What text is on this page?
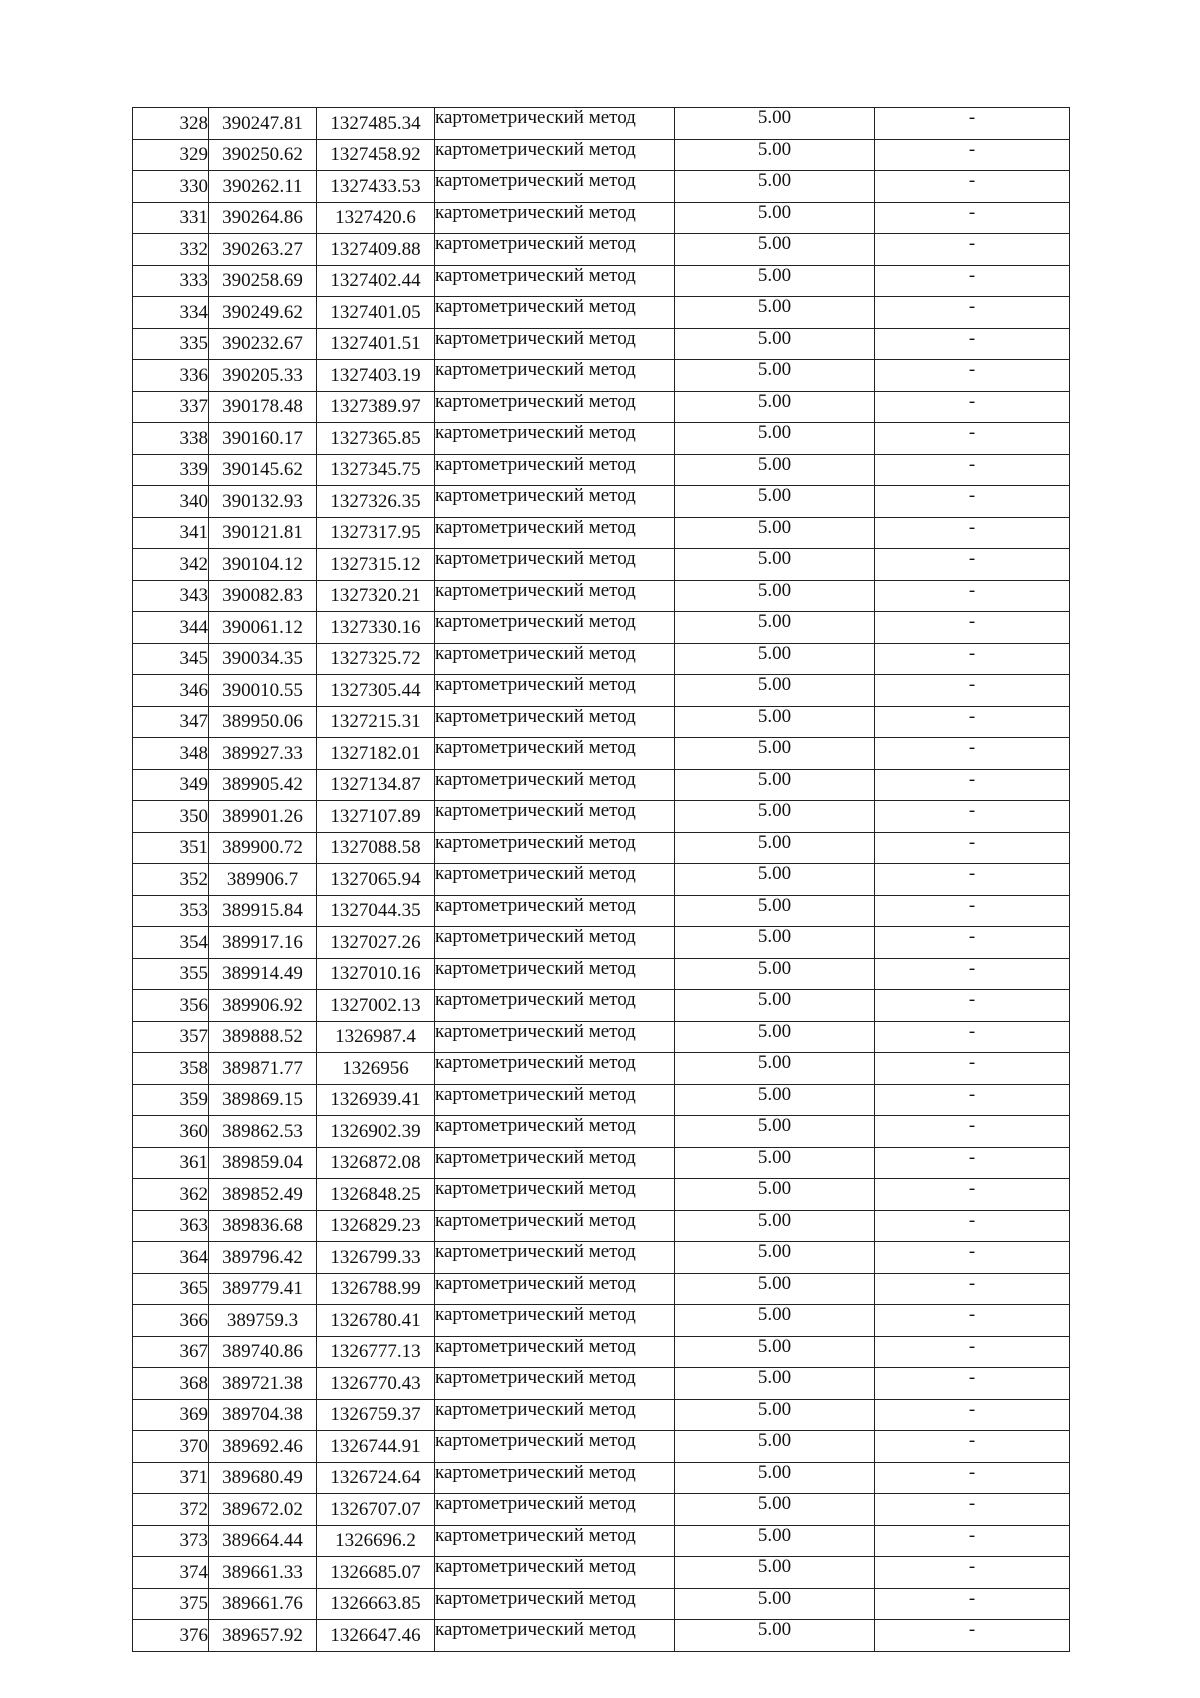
328	390247.81	1327485.34	картометрический метод	5.00	-
329	390250.62	1327458.92	картометрический метод	5.00	-
330	390262.11	1327433.53	картометрический метод	5.00	-
331	390264.86	1327420.6	картометрический метод	5.00	-
332	390263.27	1327409.88	картометрический метод	5.00	-
333	390258.69	1327402.44	картометрический метод	5.00	-
334	390249.62	1327401.05	картометрический метод	5.00	-
335	390232.67	1327401.51	картометрический метод	5.00	-
336	390205.33	1327403.19	картометрический метод	5.00	-
337	390178.48	1327389.97	картометрический метод	5.00	-
338	390160.17	1327365.85	картометрический метод	5.00	-
339	390145.62	1327345.75	картометрический метод	5.00	-
340	390132.93	1327326.35	картометрический метод	5.00	-
341	390121.81	1327317.95	картометрический метод	5.00	-
342	390104.12	1327315.12	картометрический метод	5.00	-
343	390082.83	1327320.21	картометрический метод	5.00	-
344	390061.12	1327330.16	картометрический метод	5.00	-
345	390034.35	1327325.72	картометрический метод	5.00	-
346	390010.55	1327305.44	картометрический метод	5.00	-
347	389950.06	1327215.31	картометрический метод	5.00	-
348	389927.33	1327182.01	картометрический метод	5.00	-
349	389905.42	1327134.87	картометрический метод	5.00	-
350	389901.26	1327107.89	картометрический метод	5.00	-
351	389900.72	1327088.58	картометрический метод	5.00	-
352	389906.7	1327065.94	картометрический метод	5.00	-
353	389915.84	1327044.35	картометрический метод	5.00	-
354	389917.16	1327027.26	картометрический метод	5.00	-
355	389914.49	1327010.16	картометрический метод	5.00	-
356	389906.92	1327002.13	картометрический метод	5.00	-
357	389888.52	1326987.4	картометрический метод	5.00	-
358	389871.77	1326956	картометрический метод	5.00	-
359	389869.15	1326939.41	картометрический метод	5.00	-
360	389862.53	1326902.39	картометрический метод	5.00	-
361	389859.04	1326872.08	картометрический метод	5.00	-
362	389852.49	1326848.25	картометрический метод	5.00	-
363	389836.68	1326829.23	картометрический метод	5.00	-
364	389796.42	1326799.33	картометрический метод	5.00	-
365	389779.41	1326788.99	картометрический метод	5.00	-
366	389759.3	1326780.41	картометрический метод	5.00	-
367	389740.86	1326777.13	картометрический метод	5.00	-
368	389721.38	1326770.43	картометрический метод	5.00	-
369	389704.38	1326759.37	картометрический метод	5.00	-
370	389692.46	1326744.91	картометрический метод	5.00	-
371	389680.49	1326724.64	картометрический метод	5.00	-
372	389672.02	1326707.07	картометрический метод	5.00	-
373	389664.44	1326696.2	картометрический метод	5.00	-
374	389661.33	1326685.07	картометрический метод	5.00	-
375	389661.76	1326663.85	картометрический метод	5.00	-
376	389657.92	1326647.46	картометрический метод	5.00	-
